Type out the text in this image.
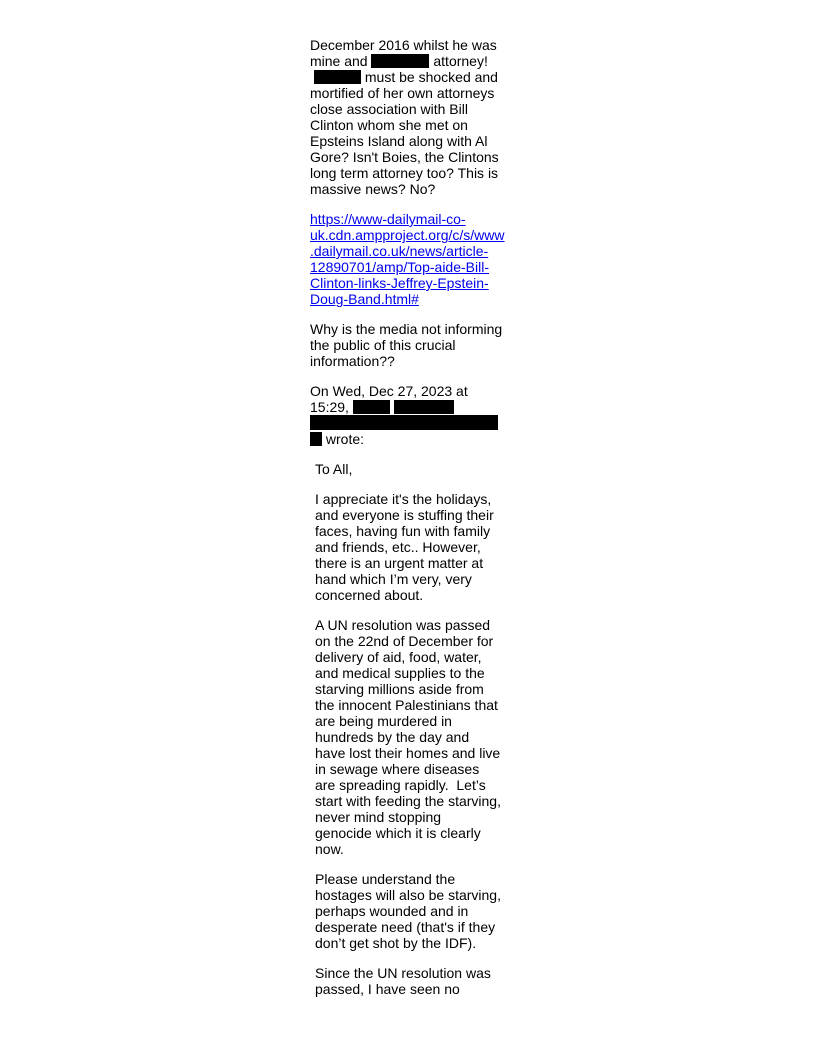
December 2016 whilst he was
mine and	attorney!
must be shocked and
mortified of her own attorneys
close association with Bill
Clinton whom she met on
Epsteins Island along with Al
Gore? Isn't Boies, the Clintons
long term attorney too? This is
massive news? No?
https://www-dailymail-co-
uk.cdn.ampproject.org/c/s/www
.dailymail.co.uk/news/article-
12890701/amp/Top-aide-Bill-
Clinton-links-Jeffrey-Epstein-
Doug-Band.html#
Why is the media not informing
the public of this crucial
information??
On Wed, Dec 27, 2023 at
15:29,
wrote:
To All,
I appreciate it's the holidays,
and everyone is stuffing their
faces, having fun with family
and friends, etc.. However,
there is an urgent matter at
hand which I’m very, very
concerned about.
A UN resolution was passed
on the 22nd of December for
delivery of aid, food, water,
and medical supplies to the
starving millions aside from
the innocent Palestinians that
are being murdered in
hundreds by the day and
have lost their homes and live
in sewage where diseases
are spreading rapidly.  Let’s
start with feeding the starving,
never mind stopping
genocide which it is clearly
now.
Please understand the
hostages will also be starving,
perhaps wounded and in
desperate need (that's if they
don’t get shot by the IDF).
Since the UN resolution was
passed, I have seen no
